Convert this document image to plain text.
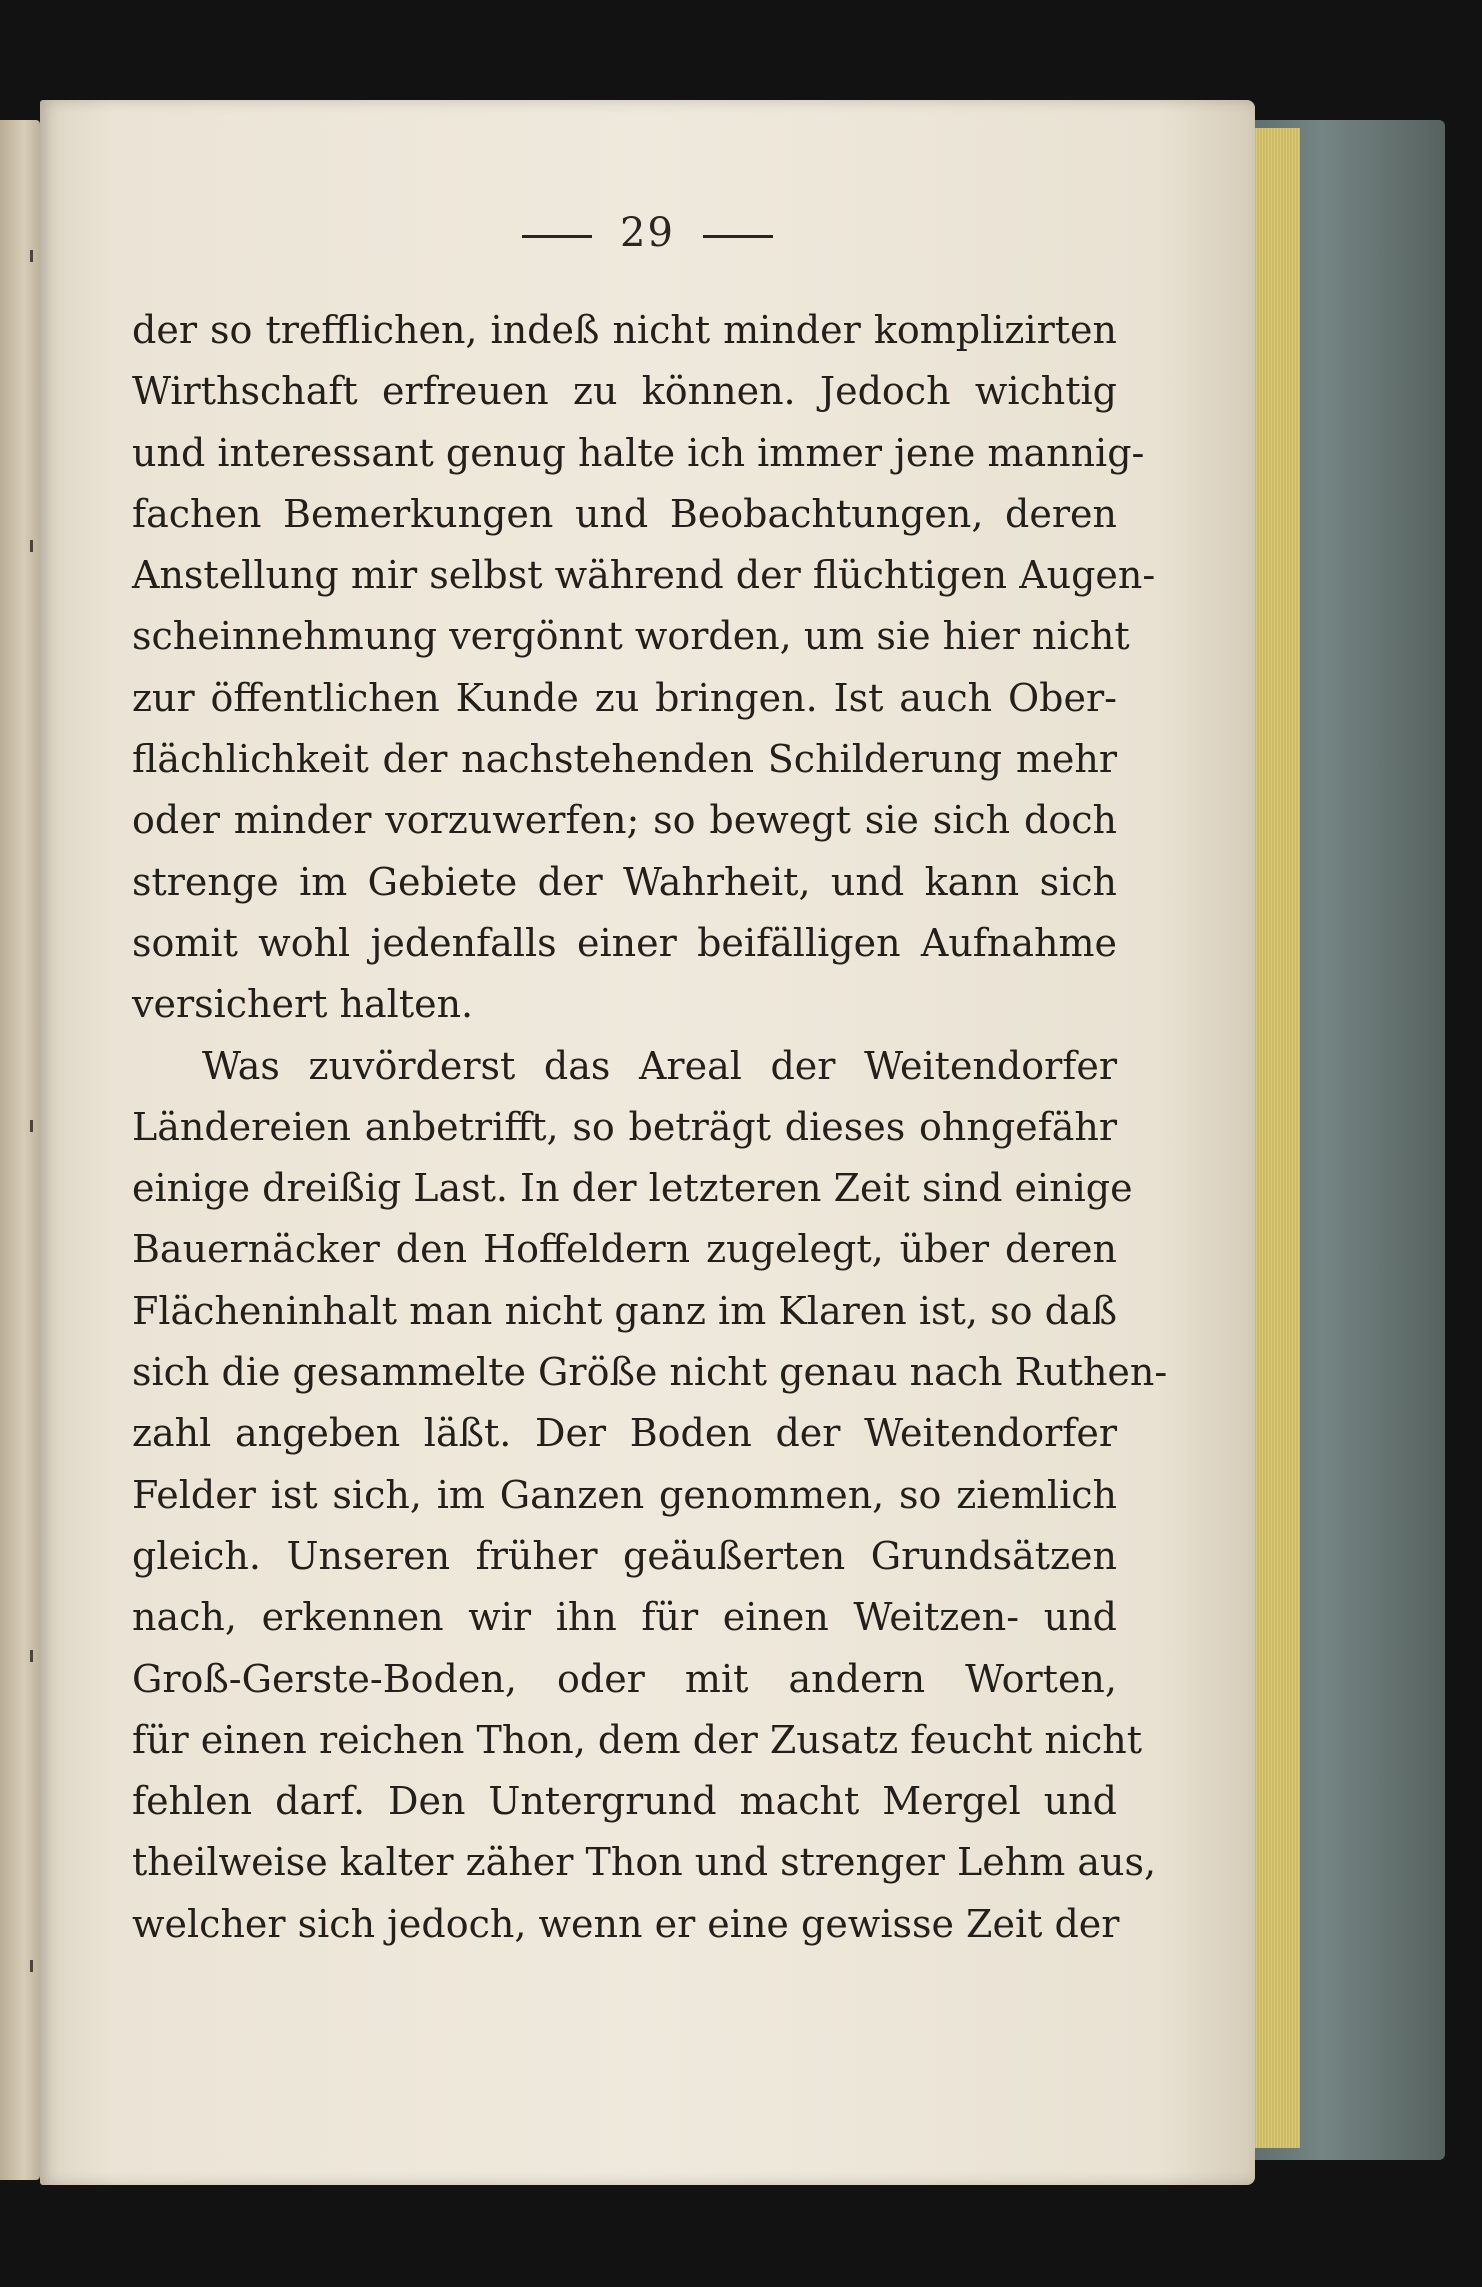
29
der so trefflichen, indeß nicht minder komplizirten
Wirthschaft erfreuen zu können. Jedoch wichtig
und interessant genug halte ich immer jene mannig-
fachen Bemerkungen und Beobachtungen, deren
Anstellung mir selbst während der flüchtigen Augen-
scheinnehmung vergönnt worden, um sie hier nicht
zur öffentlichen Kunde zu bringen. Ist auch Ober-
flächlichkeit der nachstehenden Schilderung mehr
oder minder vorzuwerfen; so bewegt sie sich doch
strenge im Gebiete der Wahrheit, und kann sich
somit wohl jedenfalls einer beifälligen Aufnahme
versichert halten.
Was zuvörderst das Areal der Weitendorfer
Ländereien anbetrifft, so beträgt dieses ohngefähr
einige dreißig Last. In der letzteren Zeit sind einige
Bauernäcker den Hoffeldern zugelegt, über deren
Flächeninhalt man nicht ganz im Klaren ist, so daß
sich die gesammelte Größe nicht genau nach Ruthen-
zahl angeben läßt. Der Boden der Weitendorfer
Felder ist sich, im Ganzen genommen, so ziemlich
gleich. Unseren früher geäußerten Grundsätzen
nach, erkennen wir ihn für einen Weitzen- und
Groß-Gerste-Boden, oder mit andern Worten,
für einen reichen Thon, dem der Zusatz feucht nicht
fehlen darf. Den Untergrund macht Mergel und
theilweise kalter zäher Thon und strenger Lehm aus,
welcher sich jedoch, wenn er eine gewisse Zeit der
